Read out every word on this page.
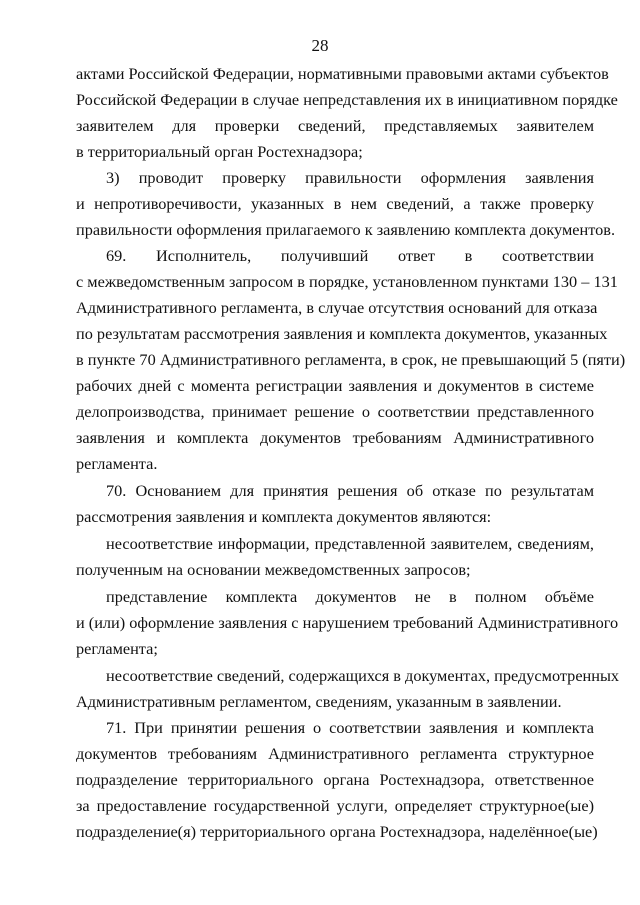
28
актами Российской Федерации, нормативными правовыми актами субъектов
Российской Федерации в случае непредставления их в инициативном порядке
заявителем для проверки сведений, представляемых заявителем
в территориальный орган Ростехнадзора;
3) проводит проверку правильности оформления заявления
и непротиворечивости, указанных в нем сведений, а также проверку
правильности оформления прилагаемого к заявлению комплекта документов.
69. Исполнитель, получивший ответ в соответствии
с межведомственным запросом в порядке, установленном пунктами 130 – 131
Административного регламента, в случае отсутствия оснований для отказа
по результатам рассмотрения заявления и комплекта документов, указанных
в пункте 70 Административного регламента, в срок, не превышающий 5 (пяти)
рабочих дней с момента регистрации заявления и документов в системе
делопроизводства, принимает решение о соответствии представленного
заявления и комплекта документов требованиям Административного
регламента.
70. Основанием для принятия решения об отказе по результатам
рассмотрения заявления и комплекта документов являются:
несоответствие информации, представленной заявителем, сведениям,
полученным на основании межведомственных запросов;
представление комплекта документов не в полном объёме
и (или) оформление заявления с нарушением требований Административного
регламента;
несоответствие сведений, содержащихся в документах, предусмотренных
Административным регламентом, сведениям, указанным в заявлении.
71. При принятии решения о соответствии заявления и комплекта
документов требованиям Административного регламента структурное
подразделение территориального органа Ростехнадзора, ответственное
за предоставление государственной услуги, определяет структурное(ые)
подразделение(я) территориального органа Ростехнадзора, наделённое(ые)
